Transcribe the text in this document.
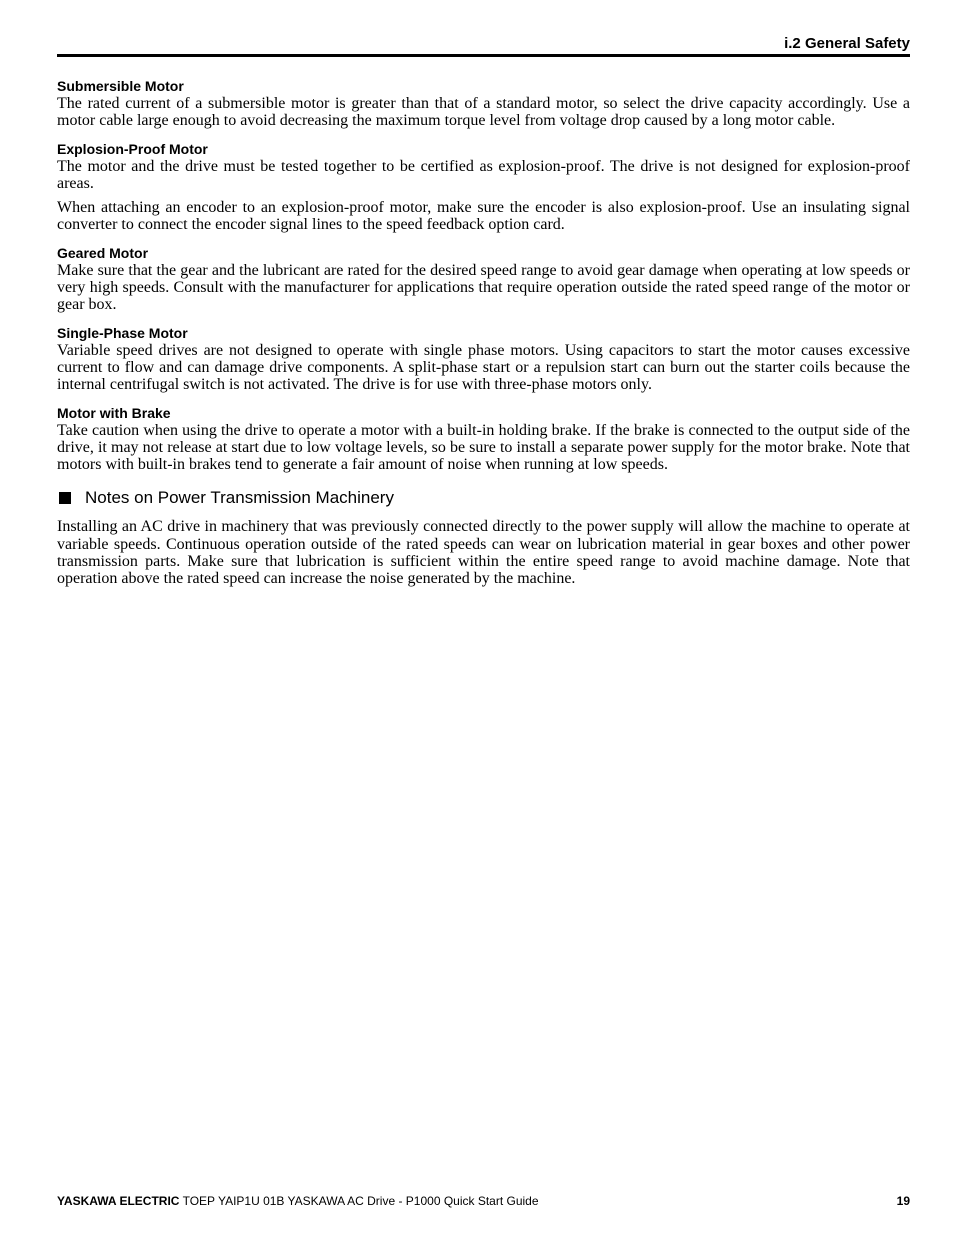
i.2 General Safety
Submersible Motor

The rated current of a submersible motor is greater than that of a standard motor, so select the drive capacity accordingly. Use a motor cable large enough to avoid decreasing the maximum torque level from voltage drop caused by a long motor cable.

Explosion-Proof Motor

The motor and the drive must be tested together to be certified as explosion-proof. The drive is not designed for explosion-proof areas.

When attaching an encoder to an explosion-proof motor, make sure the encoder is also explosion-proof. Use an insulating signal converter to connect the encoder signal lines to the speed feedback option card.

Geared Motor

Make sure that the gear and the lubricant are rated for the desired speed range to avoid gear damage when operating at low speeds or very high speeds. Consult with the manufacturer for applications that require operation outside the rated speed range of the motor or gear box.

Single-Phase Motor

Variable speed drives are not designed to operate with single phase motors. Using capacitors to start the motor causes excessive current to flow and can damage drive components. A split-phase start or a repulsion start can burn out the starter coils because the internal centrifugal switch is not activated. The drive is for use with three-phase motors only.

Motor with Brake

Take caution when using the drive to operate a motor with a built-in holding brake. If the brake is connected to the output side of the drive, it may not release at start due to low voltage levels, so be sure to install a separate power supply for the motor brake. Note that motors with built-in brakes tend to generate a fair amount of noise when running at low speeds.

Notes on Power Transmission Machinery

Installing an AC drive in machinery that was previously connected directly to the power supply will allow the machine to operate at variable speeds. Continuous operation outside of the rated speeds can wear on lubrication material in gear boxes and other power transmission parts. Make sure that lubrication is sufficient within the entire speed range to avoid machine damage. Note that operation above the rated speed can increase the noise generated by the machine.

YASKAWA ELECTRIC TOEP YAIP1U 01B YASKAWA AC Drive - P1000 Quick Start Guide	19
